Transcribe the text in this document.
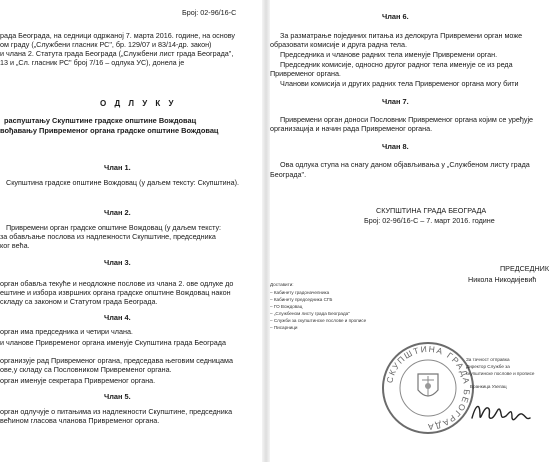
Број: 02-96/16-С
рада Београда, на седници одржаној 7. марта 2016. године, на основу
ом граду („Службени гласник РС", бр. 129/07 и 83/14-др. закон)
и члана 2. Статута града Београда („Службени лист града Београда",
13 и „Сл. гласник РС" број 7/16 – одлука УС), донела је
О Д Л У К У
распуштању Скупштине градске општине Вождовац
вођавању Привременог органа градске општине Вождовац
Члан 1.
Скупштина градске општине Вождовац (у даљем тексту: Скупштина).
Члан 2.
Привремени орган градске општине Вождовац (у даљем тексту:
за обављање послова из надлежности Скупштине, председника
ког већа.
Члан 3.
орган обавља текуће и неодложне послове из члана 2. ове одлуке до
ештине и избора извршних органа градске општине Вождовац након
складу са законом и Статутом града Београда.
Члан 4.
орган има председника и четири члана.
и чланове Привременог органа именује Скупштина града Београда
организује рад Привременог органа, председава његовим седницама
ове,у складу са Пословником Привременог органа.
орган именује секретара Привременог органа.
Члан 5.
орган одлучује о питањима из надлежности Скупштине, председника
већином гласова чланова Привременог органа.
Члан 6.
За разматрање појединих питања из делокруга Привремени орган може
образовати комисије и друга радна тела.
Председника и чланове радних тела именује Привремени орган.
Председник комисије, односно другог радног тела именује се из реда
Привременог органа.
Чланови комисија и других радних тела Привременог органа могу бити
Члан 7.
Привремени орган доноси Пословник Привременог органа којим се уређује
организација и начин рада Привременог органа.
Члан 8.
Ова одлука ступа на снагу даном објављивања у „Службеном листу града
Београда".
СКУПШТИНА ГРАДА БЕОГРАДА
Број: 02-96/16-С – 7. март 2016. године
ПРЕДСЕДНИК
Никола Никодијевић
Доставити:
– Кабинету градоначелника
– Кабинету председника СГБ
– ГО Вождовац
– „Службеном листу града Београда"
– Служби за скупштинске послове и прописе
– Писарници
СКУПШТИНА ГРАДА БЕОГРАДА
За тачност отправка
Директор Службе за
скупштинске послове и прописе
Бранкица Узелац
